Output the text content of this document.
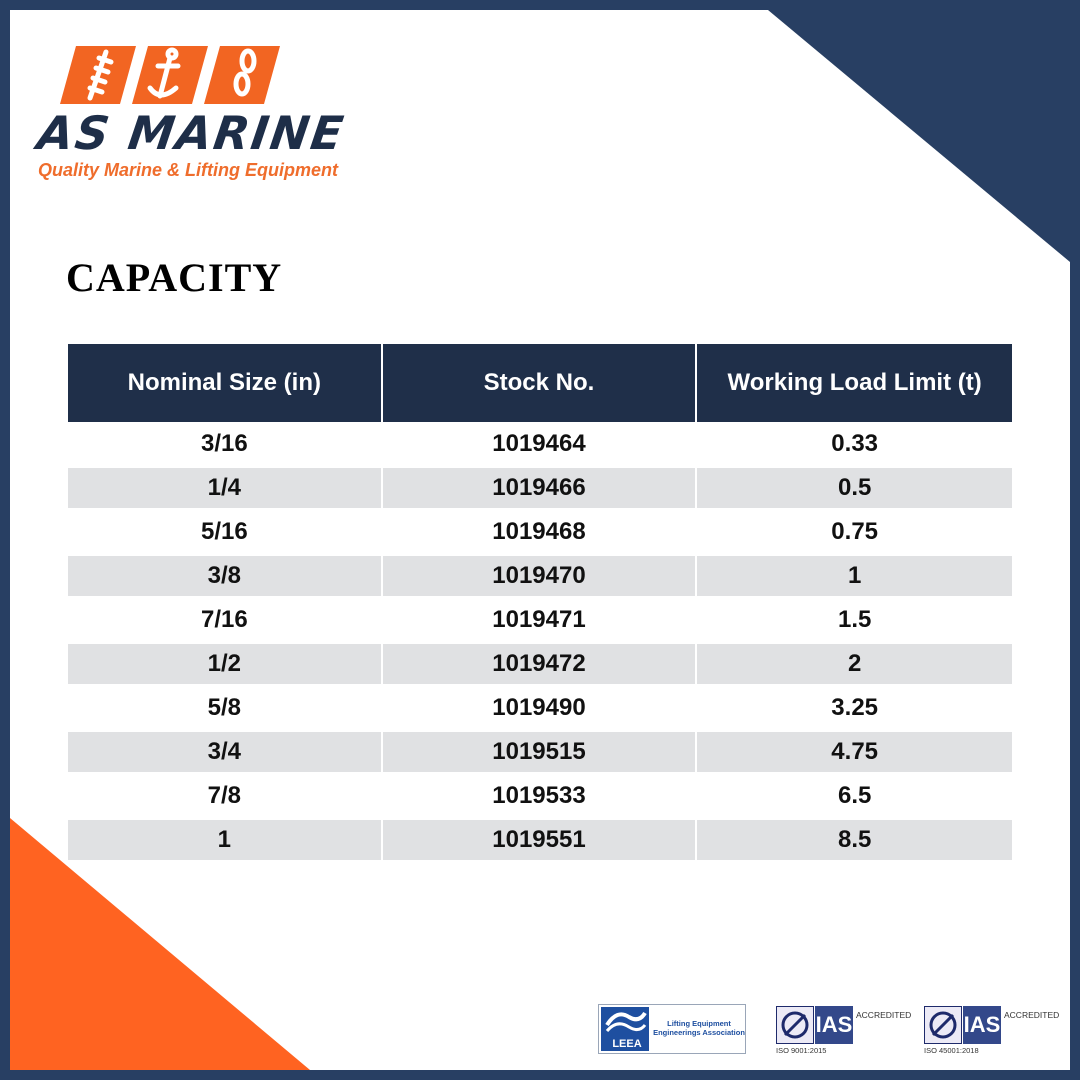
AS MARINE
Quality Marine & Lifting Equipment
CAPACITY
Nominal Size (in)	Stock No.	Working Load Limit (t)
3/16	1019464	0.33
1/4	1019466	0.5
5/16	1019468	0.75
3/8	1019470	1
7/16	1019471	1.5
1/2	1019472	2
5/8	1019490	3.25
3/4	1019515	4.75
7/8	1019533	6.5
1	1019551	8.5
LEEA
Lifting Equipment Engineerings Association	IAS ACCREDITED
ISO 9001:2015
IAS ACCREDITED
ISO 45001:2018
